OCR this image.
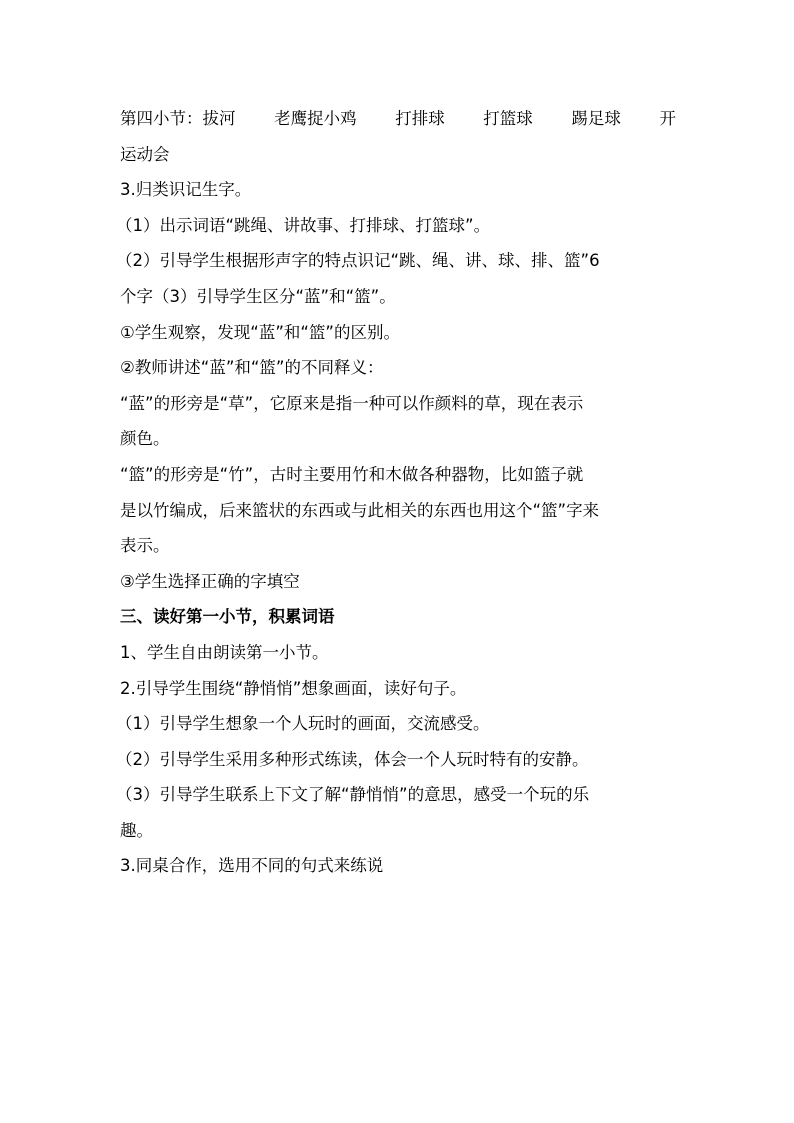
第四小节：拔河 老鹰捉小鸡 打排球 打篮球 踢足球 开
运动会
3.归类识记生字。
（1）出示词语“跳绳、讲故事、打排球、打篮球”。
（2）引导学生根据形声字的特点识记“跳、绳、讲、球、排、篮”6
个字（3）引导学生区分“蓝”和“篮”。
①学生观察，发现“蓝”和“篮”的区别。
②教师讲述“蓝”和“篮”的不同释义：
“蓝”的形旁是“草”，它原来是指一种可以作颜料的草，现在表示
颜色。
“篮”的形旁是“竹”，古时主要用竹和木做各种器物，比如篮子就
是以竹编成，后来篮状的东西或与此相关的东西也用这个“篮”字来
表示。
③学生选择正确的字填空
三、读好第一小节，积累词语
1、学生自由朗读第一小节。
2.引导学生围绕“静悄悄”想象画面，读好句子。
（1）引导学生想象一个人玩时的画面，交流感受。
（2）引导学生采用多种形式练读，体会一个人玩时特有的安静。
（3）引导学生联系上下文了解“静悄悄”的意思，感受一个玩的乐
趣。
3.同桌合作，选用不同的句式来练说
